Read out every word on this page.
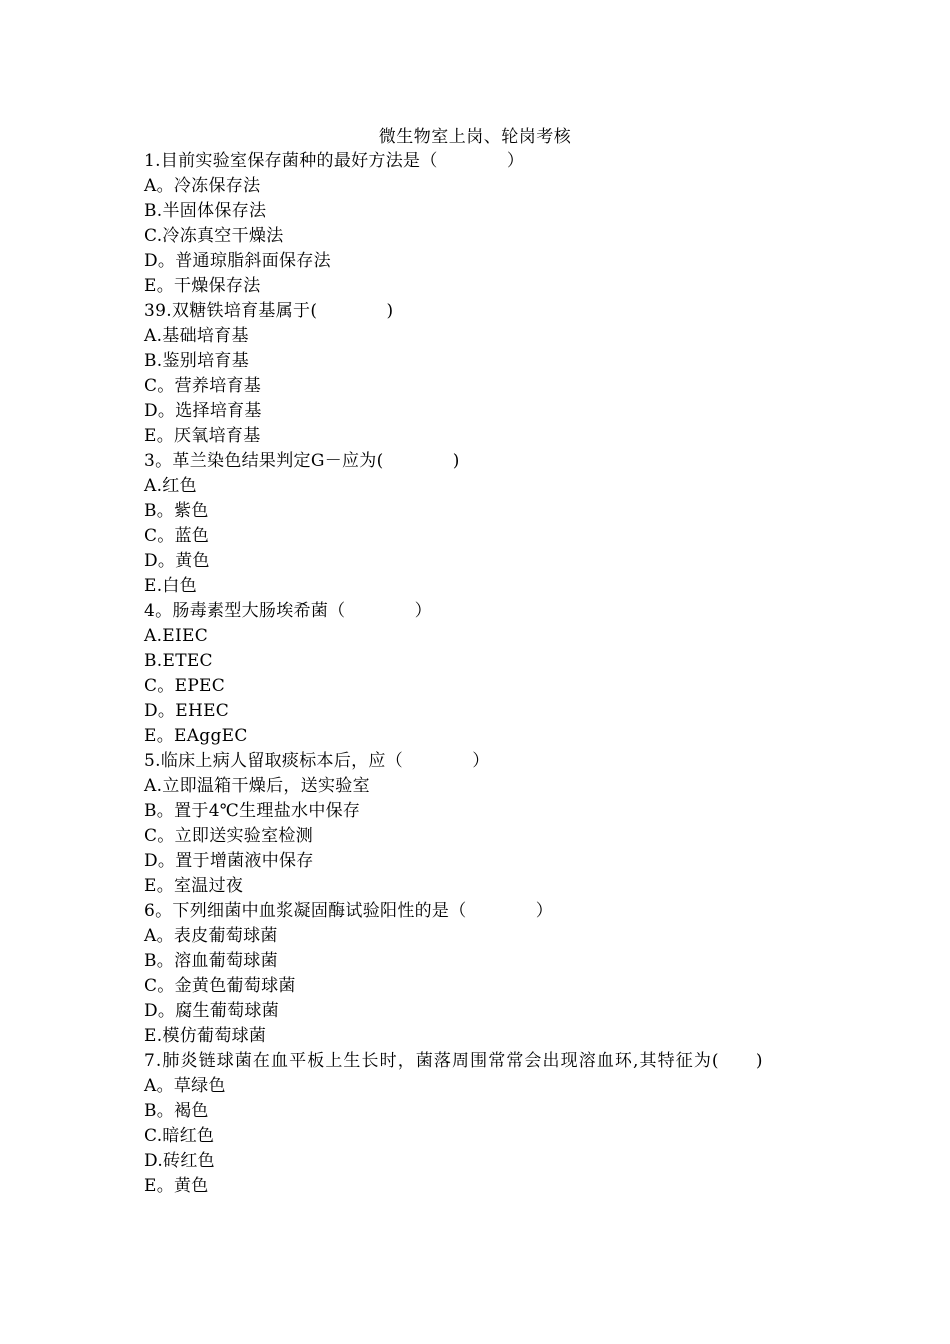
微生物室上岗、轮岗考核
1.目前实验室保存菌种的最好方法是（　　　　）
A。冷冻保存法
B.半固体保存法
C.冷冻真空干燥法
D。普通琼脂斜面保存法
E。干燥保存法
39.双糖铁培育基属于(　　　　)
A.基础培育基
B.鉴别培育基
C。营养培育基
D。选择培育基
E。厌氧培育基
3。革兰染色结果判定G－应为(　　　　)
A.红色
B。紫色
C。蓝色
D。黄色
E.白色
4。肠毒素型大肠埃希菌（　　　　）
A.EIEC
B.ETEC
C。EPEC
D。EHEC
E。EAggEC
5.临床上病人留取痰标本后，应（　　　　）
A.立即温箱干燥后，送实验室
B。置于4℃生理盐水中保存
C。立即送实验室检测
D。置于增菌液中保存
E。室温过夜
6。下列细菌中血浆凝固酶试验阳性的是（　　　　）
A。表皮葡萄球菌
B。溶血葡萄球菌
C。金黄色葡萄球菌
D。腐生葡萄球菌
E.模仿葡萄球菌
7.肺炎链球菌在血平板上生长时，菌落周围常常会出现溶血环,其特征为(　　)
A。草绿色
B。褐色
C.暗红色
D.砖红色
E。黄色
